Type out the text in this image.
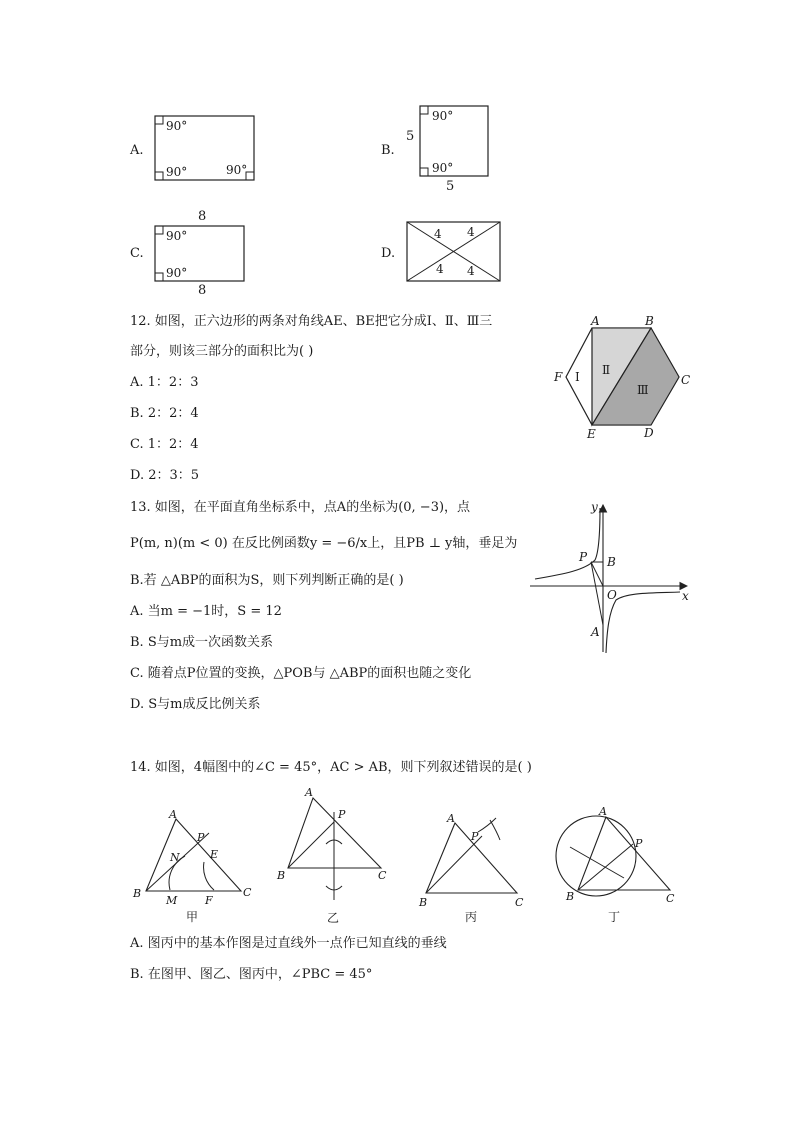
A.
90°
90°	90°
90°
90°
5
5
8
90°
90°
8
4 4
4 4
B.
C.	D.
12. 如图，正六边形的两条对角线AE、BE把它分成Ⅰ、Ⅱ、Ⅲ三
部分，则该三部分的面积比为( )
A. 1：2：3
B. 2：2：4
C. 1：2：4
D. 2：3：5
A	B
C
D
E
F Ⅰ Ⅱ
Ⅲ
13. 如图，在平面直角坐标系中，点A的坐标为(0, −3)，点
P(m, n)(m < 0) 在反比例函数y = −6/x上，且PB ⊥ y轴，垂足为
B.若 △ABP的面积为S，则下列判断正确的是( )
A. 当m = −1时，S = 12
B. S与m成一次函数关系
C. 随着点P位置的变换，△POB与 △ABP的面积也随之变化
D. S与m成反比例关系
y
x
P B
O
A
14. 如图，4幅图中的∠C = 45°，AC > AB，则下列叙述错误的是( )
A
P
N	E
B
M	F
C
甲
A
P
B	C
乙
A
P
B	C
丙
A
P
B	C
丁
A. 图丙中的基本作图是过直线外一点作已知直线的垂线
B. 在图甲、图乙、图丙中，∠PBC = 45°
